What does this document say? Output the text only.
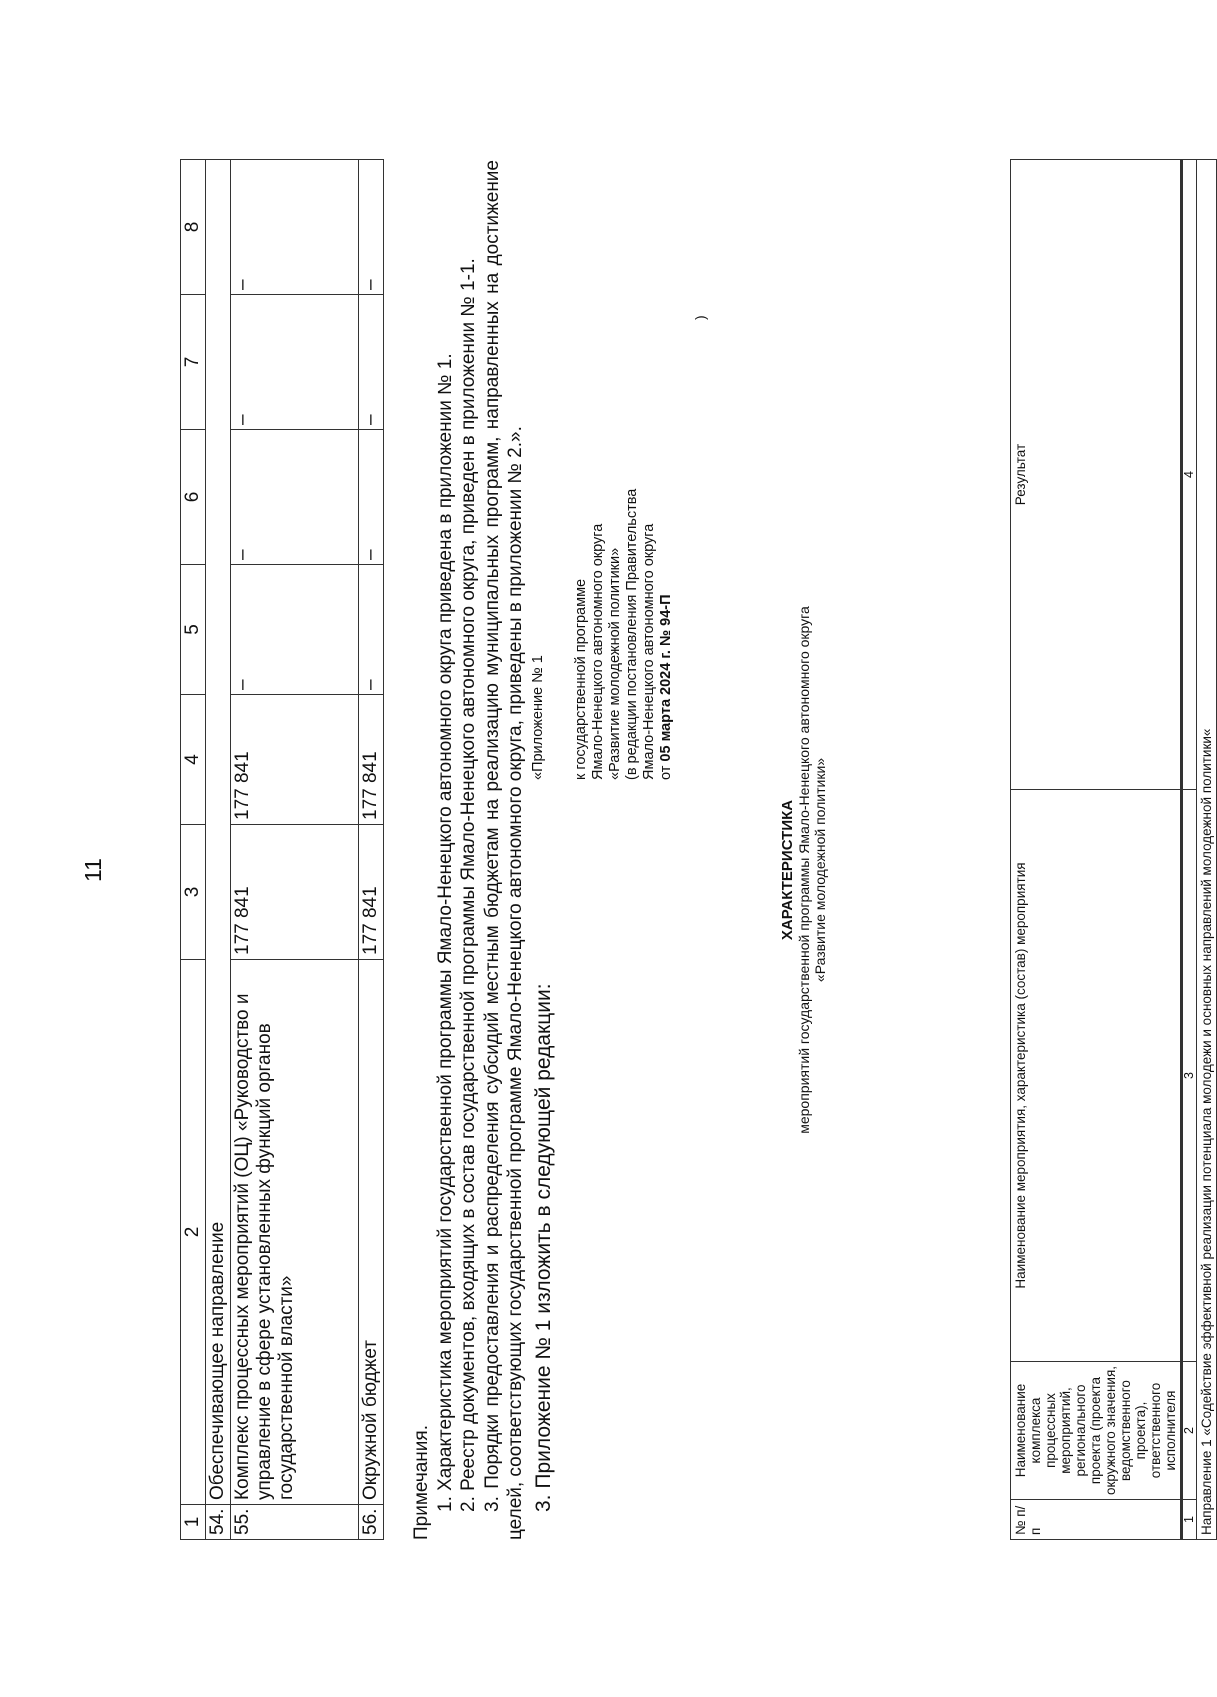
11
1	2	3	4	5	6	7	8
54.	Обеспечивающее направление						
55.	Комплекс процессных мероприятий (ОЦ) «Руководство и управление в сфере установленных функций органов государственной власти»	177 841	177 841	–	–	–	–
56.	Окружной бюджет	177 841	177 841	–	–	–	–

Примечания. 1. Характеристика мероприятий государственной программы Ямало-Ненецкого автономного округа приведена в приложении № 1. 2. Реестр документов, входящих в состав государственной программы Ямало-Ненецкого автономного округа, приведен в приложении № 1-1. 3. Порядки предоставления и распределения субсидий местным бюджетам на реализацию муниципальных программ, направленных на достижение целей, соответствующих государственной программе Ямало-Ненецкого автономного округа, приведены в приложении № 2.». 3. Приложение № 1 изложить в следующей редакции:

«Приложение № 1 к государственной программе Ямало-Ненецкого автономного округа «Развитие молодежной политики» (в редакции постановления Правительства Ямало-Ненецкого автономного округа от 05 марта 2024 г. № 94-П

)
ХАРАКТЕРИСТИКА мероприятий государственной программы Ямало-Ненецкого автономного округа «Развитие молодежной политики»
№ п/п	Наименование комплекса процессных мероприятий, регионального проекта (проекта окружного значения, ведомственного проекта), ответственного исполнителя	Наименование мероприятия, характеристика (состав) мероприятия	Результат
1	2	3	4
Направление 1 «Содействие эффективной реализации потенциала молодежи и основных направлений молодежной политики«			
